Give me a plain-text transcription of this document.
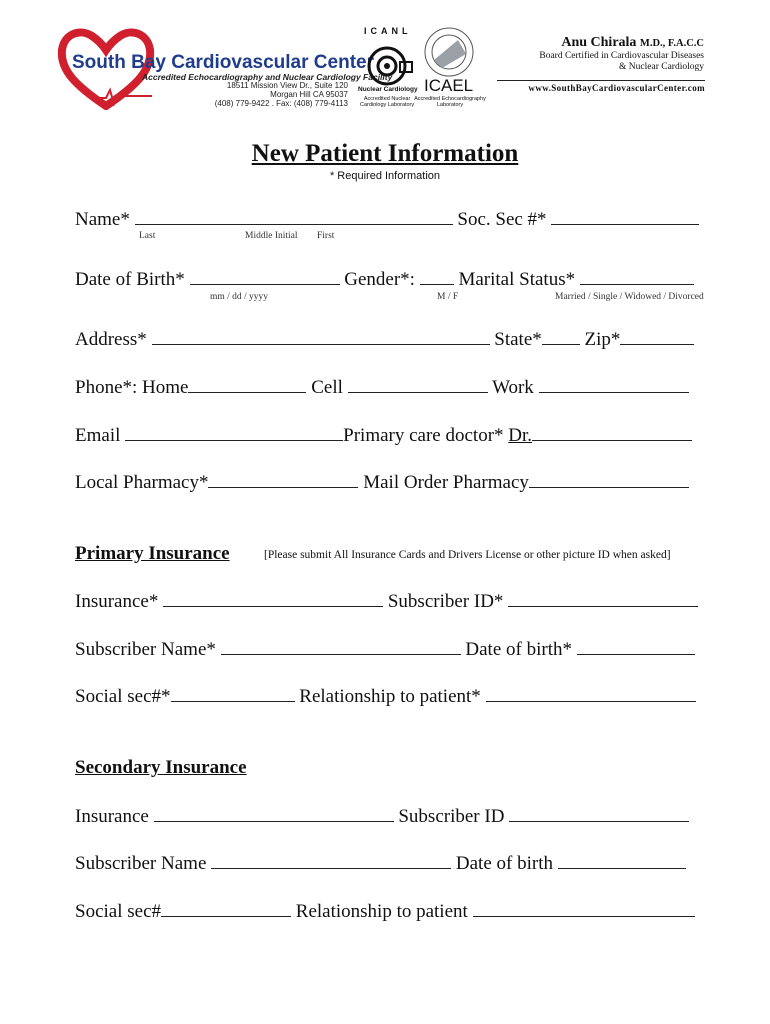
South Bay Cardiovascular Center
Accredited Echocardiography and Nuclear Cardiology Facility
18511 Mission View Dr., Suite 120
Morgan Hill CA 95037
(408) 779-9422 . Fax: (408) 779-4113
ICANL
Nuclear Cardiology
Accredited Nuclear
Cardiology Laboratory
ICAEL
Accredited Echocardiography
Laboratory
Anu Chirala M.D., F.A.C.C
Board Certified in Cardiovascular Diseases
& Nuclear Cardiology
www.SouthBayCardiovascularCenter.com
New Patient Information
* Required Information
Name*	Soc. Sec #*
Last	Middle Initial First
Date of Birth*	Gender*: Marital Status*
mm / dd / yyyy	M / F	Married / Single / Widowed / Divorced
Address*	State* Zip*
Phone*: Home	Cell	Work
Email	Primary care doctor* Dr.
Local Pharmacy*	Mail Order Pharmacy
Primary Insurance	[Please submit All Insurance Cards and Drivers License or other picture ID when asked]
Insurance*	Subscriber ID*
Subscriber Name*	Date of birth*
Social sec#*	Relationship to patient*
Secondary Insurance
Insurance	Subscriber ID
Subscriber Name	Date of birth
Social sec#	Relationship to patient
